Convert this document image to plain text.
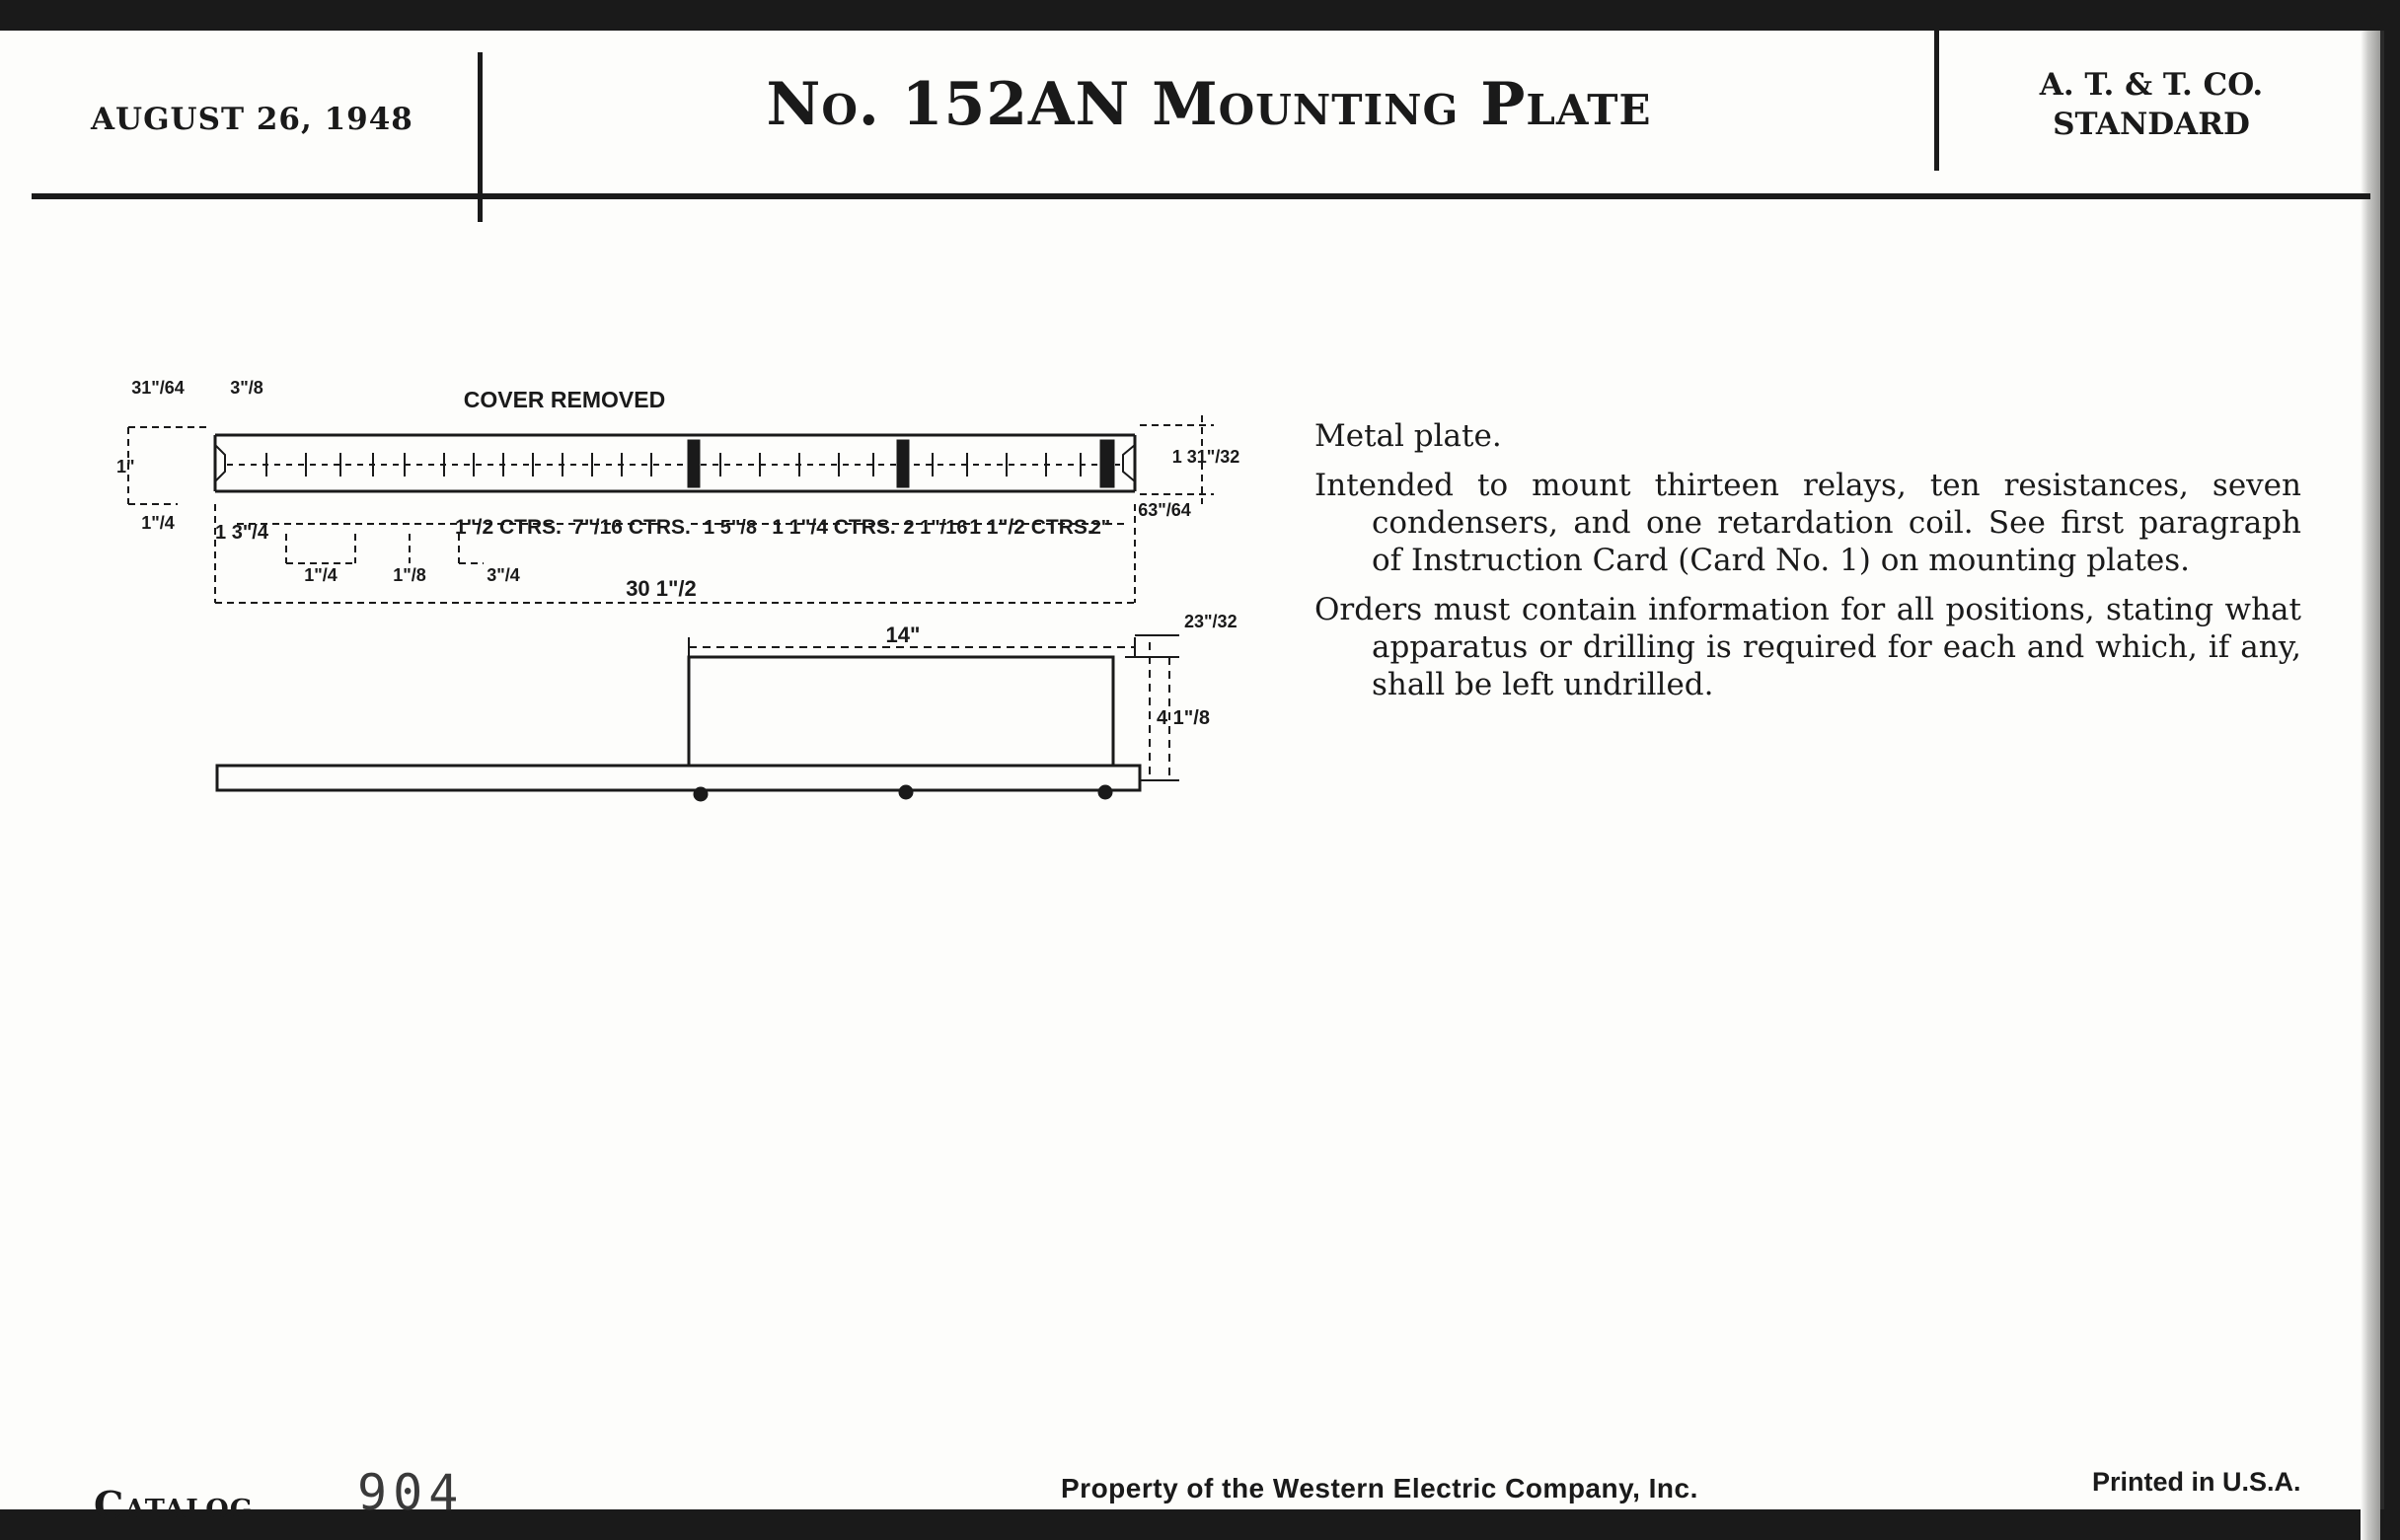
AUGUST 26, 1948	No. 152AN Mounting Plate	A. T. & T. CO.
STANDARD
COVER REMOVED
31"/64	3"/8
1"
1"/4 1 3"/4
1"/4	1"/8
1"/2 CTRS.
3"/4
7"/16 CTRS. 1 5"/8 1 1"/4 CTRS. 2 1"/16 1 1"/2 CTRS.
2"
63"/64
1 31"/32
30 1"/2
14"
23"/32
4 1"/8

Metal plate.

Intended to mount thirteen relays, ten resistances, seven condensers, and one retardation coil. See first paragraph of Instruction Card (Card No. 1) on mounting plates.

Orders must contain information for all positions, stating what apparatus or drilling is required for each and which, if any, shall be left undrilled.

Catalog 904	Property of the Western Electric Company, Inc.	Printed in U.S.A.
